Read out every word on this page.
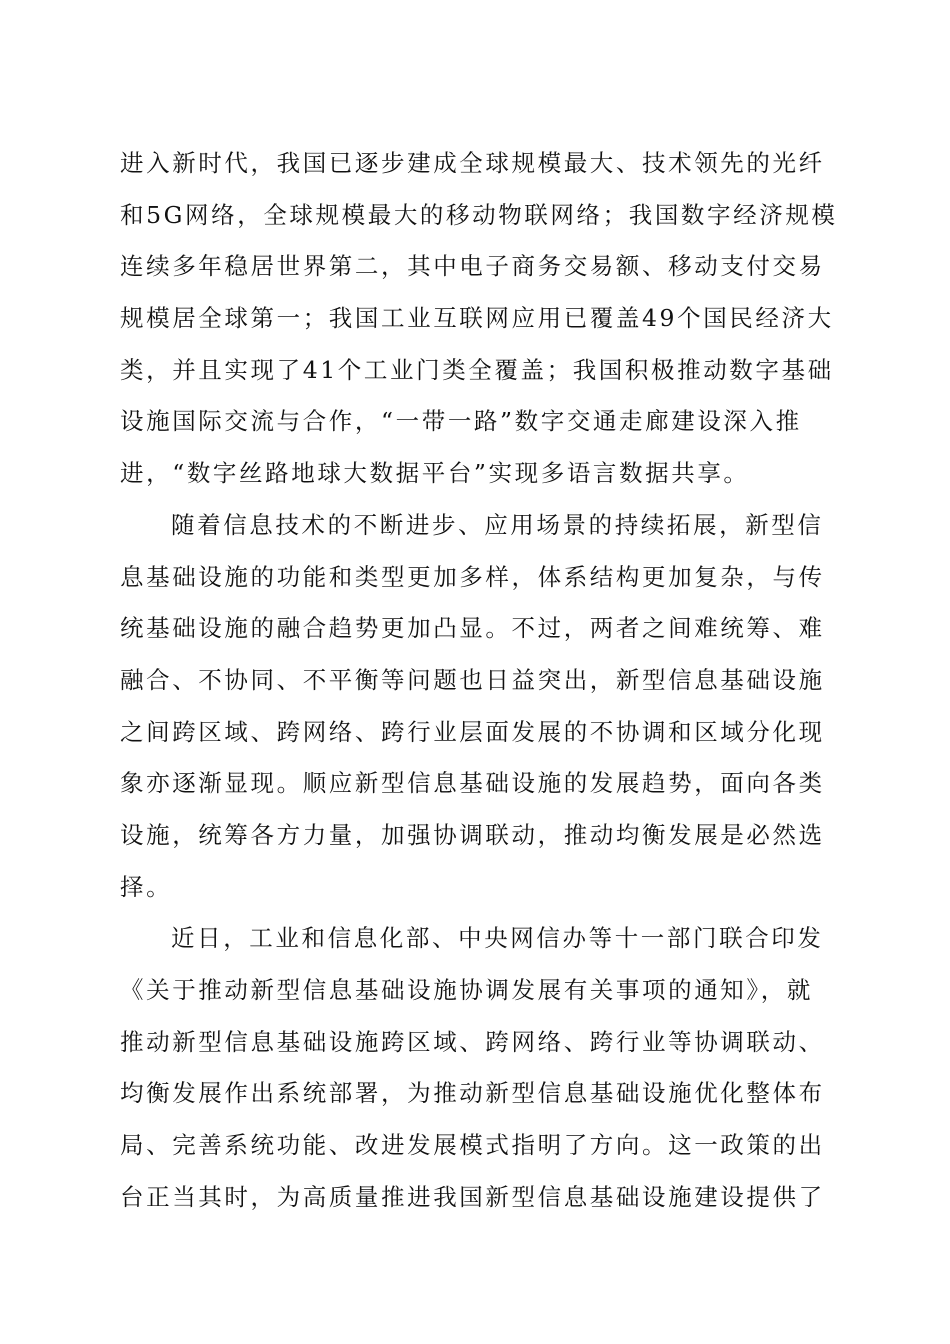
进入新时代，我国已逐步建成全球规模最大、技术领先的光纤
和5G网络，全球规模最大的移动物联网络；我国数字经济规模
连续多年稳居世界第二，其中电子商务交易额、移动支付交易
规模居全球第一；我国工业互联网应用已覆盖49个国民经济大
类，并且实现了41个工业门类全覆盖；我国积极推动数字基础
设施国际交流与合作，“一带一路”数字交通走廊建设深入推
进，“数字丝路地球大数据平台”实现多语言数据共享。
随着信息技术的不断进步、应用场景的持续拓展，新型信
息基础设施的功能和类型更加多样，体系结构更加复杂，与传
统基础设施的融合趋势更加凸显。不过，两者之间难统筹、难
融合、不协同、不平衡等问题也日益突出，新型信息基础设施
之间跨区域、跨网络、跨行业层面发展的不协调和区域分化现
象亦逐渐显现。顺应新型信息基础设施的发展趋势，面向各类
设施，统筹各方力量，加强协调联动，推动均衡发展是必然选
择。
近日，工业和信息化部、中央网信办等十一部门联合印发
《关于推动新型信息基础设施协调发展有关事项的通知》，就
推动新型信息基础设施跨区域、跨网络、跨行业等协调联动、
均衡发展作出系统部署，为推动新型信息基础设施优化整体布
局、完善系统功能、改进发展模式指明了方向。这一政策的出
台正当其时，为高质量推进我国新型信息基础设施建设提供了
